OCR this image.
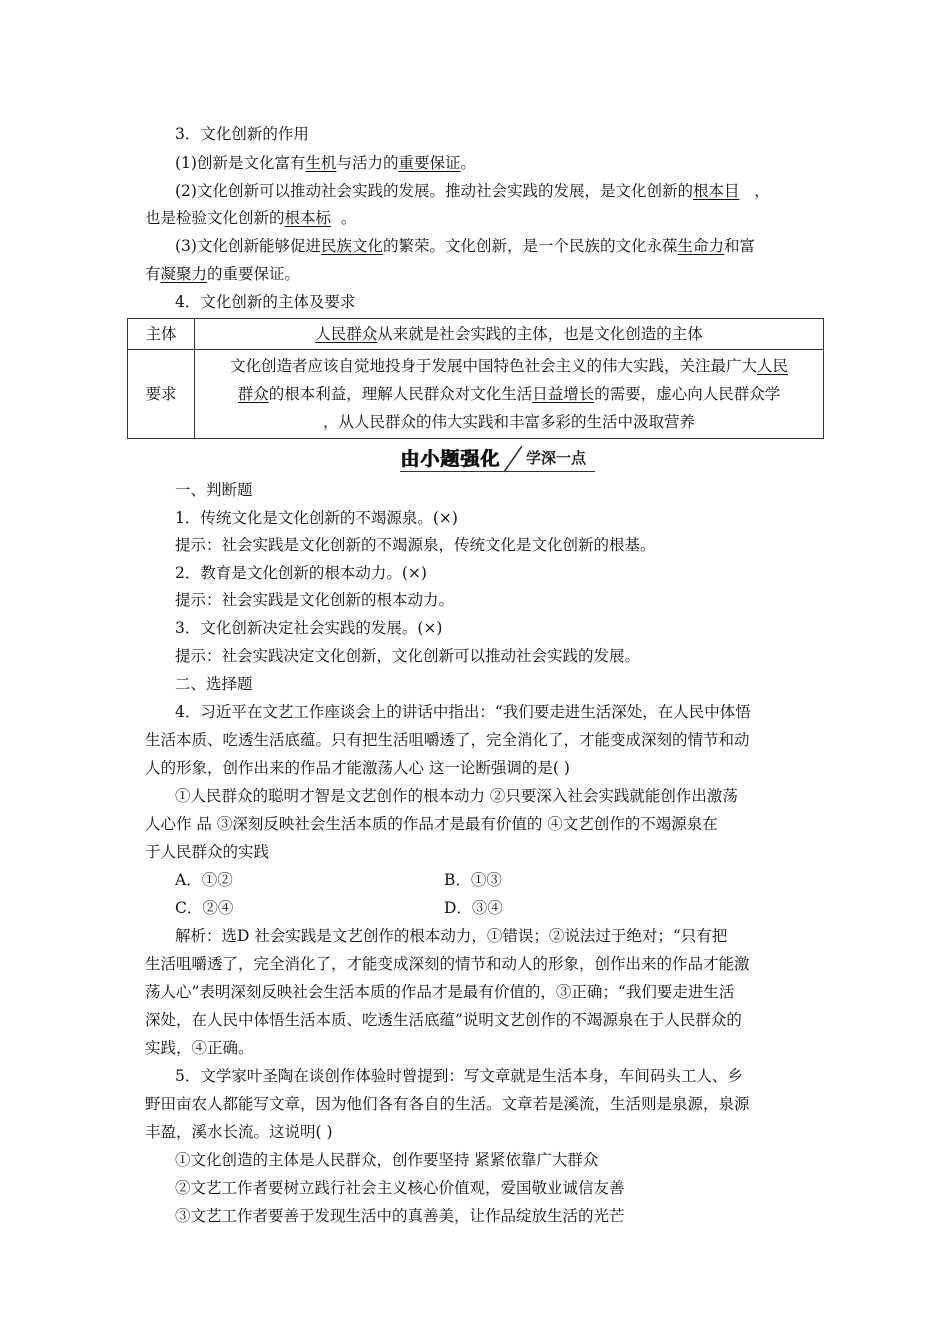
3．文化创新的作用
(1)创新是文化富有生机与活力的重要保证。
(2)文化创新可以推动社会实践的发展。推动社会实践的发展，是文化创新的根本目 ，
也是检验文化创新的根本标 。
(3)文化创新能够促进民族文化的繁荣。文化创新，是一个民族的文化永葆生命力和富
有凝聚力的重要保证。
4．文化创新的主体及要求
主体	人民群众从来就是社会实践的主体，也是文化创造的主体
要求	文化创造者应该自觉地投身于发展中国特色社会主义的伟大实践，关注最广大人民
群众的根本利益，理解人民群众对文化生活日益增长的需要，虚心向人民群众学
，从人民群众的伟大实践和丰富多彩的生活中汲取营养
由小题强化 学深一点
一、判断题
1．传统文化是文化创新的不竭源泉。(×)
提示：社会实践是文化创新的不竭源泉，传统文化是文化创新的根基。
2．教育是文化创新的根本动力。(×)
提示：社会实践是文化创新的根本动力。
3．文化创新决定社会实践的发展。(×)
提示：社会实践决定文化创新，文化创新可以推动社会实践的发展。
二、选择题
4．习近平在文艺工作座谈会上的讲话中指出：“我们要走进生活深处，在人民中体悟
生活本质、吃透生活底蕴。只有把生活咀嚼透了，完全消化了，才能变成深刻的情节和动
人的形象，创作出来的作品才能激荡人心 这一论断强调的是( )
①人民群众的聪明才智是文艺创作的根本动力 ②只要深入社会实践就能创作出激荡
人心作 品 ③深刻反映社会生活本质的作品才是最有价值的 ④文艺创作的不竭源泉在
于人民群众的实践
A．①②	B．①③
C．②④	D．③④
解析：选D 社会实践是文艺创作的根本动力，①错误；②说法过于绝对；“只有把
生活咀嚼透了，完全消化了，才能变成深刻的情节和动人的形象，创作出来的作品才能激
荡人心”表明深刻反映社会生活本质的作品才是最有价值的，③正确；“我们要走进生活
深处，在人民中体悟生活本质、吃透生活底蕴”说明文艺创作的不竭源泉在于人民群众的
实践，④正确。
5．文学家叶圣陶在谈创作体验时曾提到：写文章就是生活本身，车间码头工人、乡
野田亩农人都能写文章，因为他们各有各自的生活。文章若是溪流，生活则是泉源，泉源
丰盈，溪水长流。这说明( )
①文化创造的主体是人民群众，创作要坚持 紧紧依靠广大群众
②文艺工作者要树立践行社会主义核心价值观，爱国敬业诚信友善
③文艺工作者要善于发现生活中的真善美，让作品绽放生活的光芒
